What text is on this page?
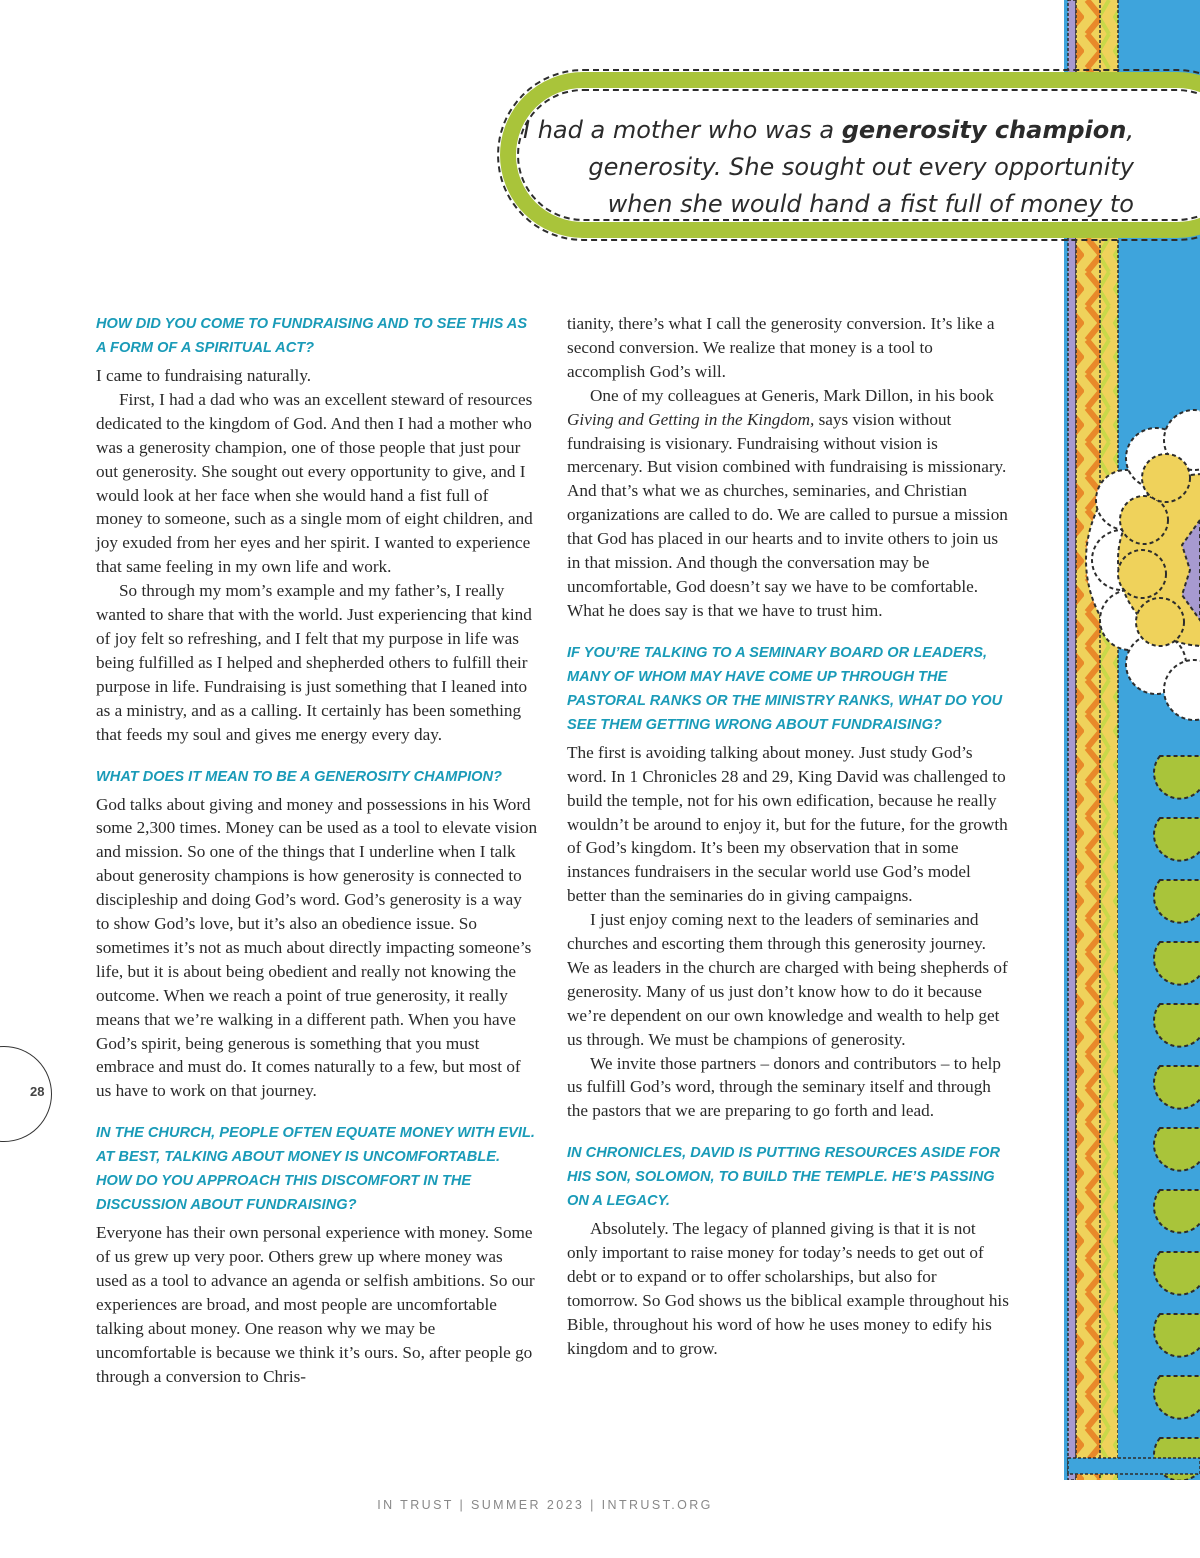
I had a mother who was a generosity champion,
generosity. She sought out every opportunity
when she would hand a fist full of money to

HOW DID YOU COME TO FUNDRAISING AND TO SEE THIS AS A FORM OF A SPIRITUAL ACT?

I came to fundraising naturally.

First, I had a dad who was an excellent steward of resources dedicated to the kingdom of God. And then I had a mother who was a generosity champion, one of those people that just pour out generosity. She sought out every opportunity to give, and I would look at her face when she would hand a fist full of money to someone, such as a single mom of eight children, and joy exuded from her eyes and her spirit. I wanted to experience that same feeling in my own life and work.

So through my mom’s example and my father’s, I really wanted to share that with the world. Just experiencing that kind of joy felt so refreshing, and I felt that my purpose in life was being fulfilled as I helped and shepherded others to fulfill their purpose in life. Fundraising is just something that I leaned into as a ministry, and as a calling. It certainly has been something that feeds my soul and gives me energy every day.

WHAT DOES IT MEAN TO BE A GENEROSITY CHAMPION?

God talks about giving and money and possessions in his Word some 2,300 times. Money can be used as a tool to elevate vision and mission. So one of the things that I underline when I talk about generosity champions is how generosity is connected to discipleship and doing God’s word. God’s generosity is a way to show God’s love, but it’s also an obedience issue. So sometimes it’s not as much about directly impacting someone’s life, but it is about being obedient and really not knowing the outcome. When we reach a point of true generosity, it really means that we’re walking in a different path. When you have God’s spirit, being generous is something that you must embrace and must do. It comes naturally to a few, but most of us have to work on that journey.

IN THE CHURCH, PEOPLE OFTEN EQUATE MONEY WITH EVIL. AT BEST, TALKING ABOUT MONEY IS UNCOMFORTABLE. HOW DO YOU APPROACH THIS DISCOMFORT IN THE DISCUSSION ABOUT FUNDRAISING?

Everyone has their own personal experience with money. Some of us grew up very poor. Others grew up where money was used as a tool to advance an agenda or selfish ambitions. So our experiences are broad, and most people are uncomfortable talking about money. One reason why we may be uncomfortable is because we think it’s ours. So, after people go through a conversion to Chris-

tianity, there’s what I call the generosity conversion. It’s like a second conversion. We realize that money is a tool to accomplish God’s will.

One of my colleagues at Generis, Mark Dillon, in his book Giving and Getting in the Kingdom, says vision without fundraising is visionary. Fundraising without vision is mercenary. But vision combined with fundraising is missionary. And that’s what we as churches, seminaries, and Christian organizations are called to do. We are called to pursue a mission that God has placed in our hearts and to invite others to join us in that mission. And though the conversation may be uncomfortable, God doesn’t say we have to be comfortable. What he does say is that we have to trust him.

IF YOU’RE TALKING TO A SEMINARY BOARD OR LEADERS, MANY OF WHOM MAY HAVE COME UP THROUGH THE PASTORAL RANKS OR THE MINISTRY RANKS, WHAT DO YOU SEE THEM GETTING WRONG ABOUT FUNDRAISING?

The first is avoiding talking about money. Just study God’s word. In 1 Chronicles 28 and 29, King David was challenged to build the temple, not for his own edification, because he really wouldn’t be around to enjoy it, but for the future, for the growth of God’s kingdom. It’s been my observation that in some instances fundraisers in the secular world use God’s model better than the seminaries do in giving campaigns.

I just enjoy coming next to the leaders of seminaries and churches and escorting them through this generosity journey. We as leaders in the church are charged with being shepherds of generosity. Many of us just don’t know how to do it because we’re dependent on our own knowledge and wealth to help get us through. We must be champions of generosity.

We invite those partners – donors and contributors – to help us fulfill God’s word, through the seminary itself and through the pastors that we are preparing to go forth and lead.

IN CHRONICLES, DAVID IS PUTTING RESOURCES ASIDE FOR HIS SON, SOLOMON, TO BUILD THE TEMPLE. HE’S PASSING ON A LEGACY.

Absolutely. The legacy of planned giving is that it is not only important to raise money for today’s needs to get out of debt or to expand or to offer scholarships, but also for tomorrow. So God shows us the biblical example throughout his Bible, throughout his word of how he uses money to edify his kingdom and to grow.

28
IN TRUST | SUMMER 2023 | INTRUST.ORG
